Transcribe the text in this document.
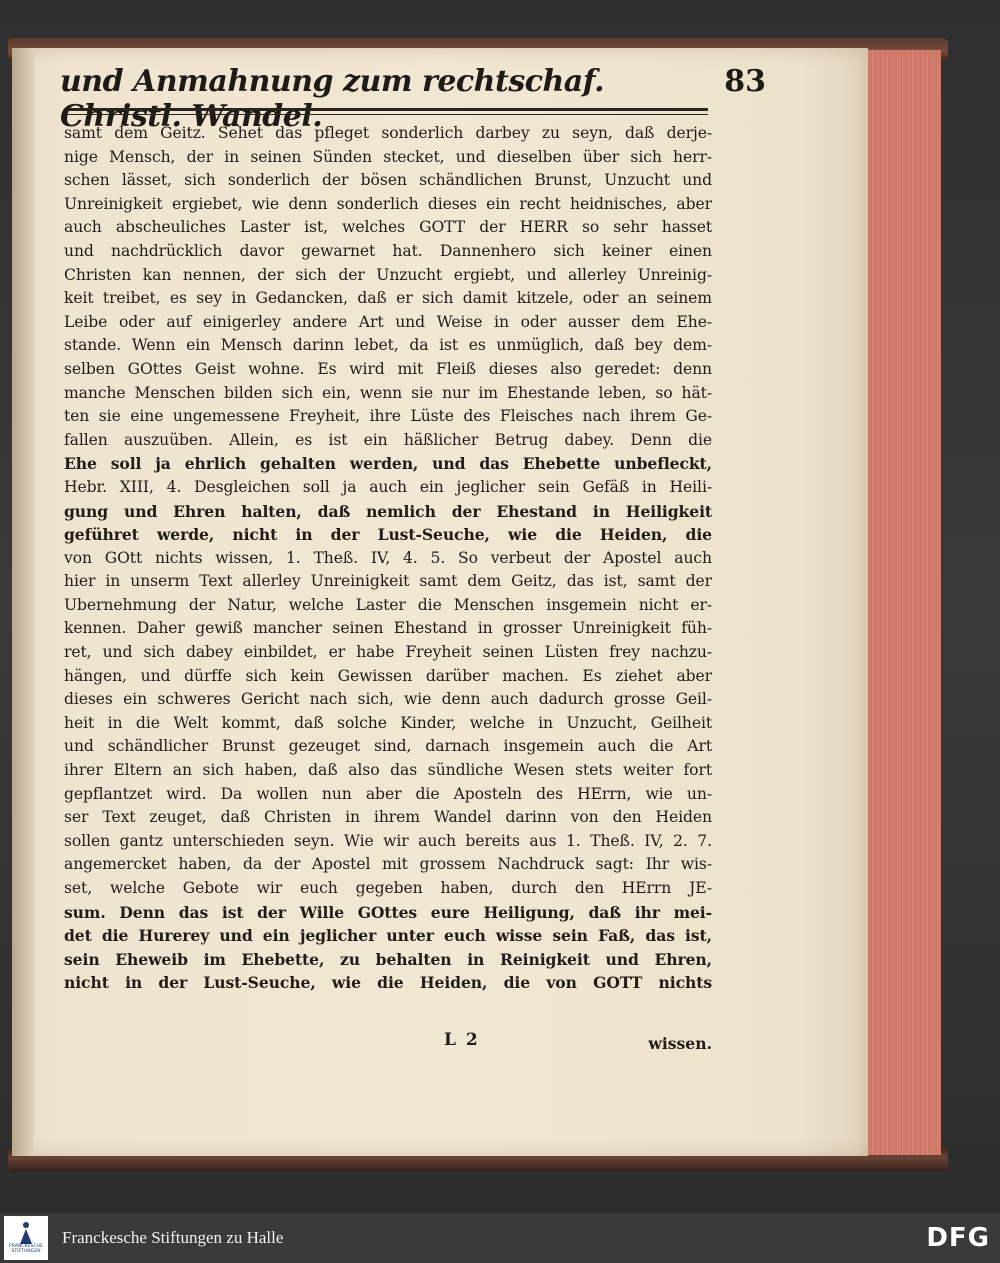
und Anmahnung zum rechtschaf. Christl. Wandel.
83
samt dem Geitz. Sehet das pfleget sonderlich darbey zu seyn, daß derje-
nige Mensch, der in seinen Sünden stecket, und dieselben über sich herr-
schen lässet, sich sonderlich der bösen schändlichen Brunst, Unzucht und
Unreinigkeit ergiebet, wie denn sonderlich dieses ein recht heidnisches, aber
auch abscheuliches Laster ist, welches GOTT der HERR so sehr hasset
und nachdrücklich davor gewarnet hat. Dannenhero sich keiner einen
Christen kan nennen, der sich der Unzucht ergiebt, und allerley Unreinig-
keit treibet, es sey in Gedancken, daß er sich damit kitzele, oder an seinem
Leibe oder auf einigerley andere Art und Weise in oder ausser dem Ehe-
stande. Wenn ein Mensch darinn lebet, da ist es unmüglich, daß bey dem-
selben GOttes Geist wohne. Es wird mit Fleiß dieses also geredet: denn
manche Menschen bilden sich ein, wenn sie nur im Ehestande leben, so hät-
ten sie eine ungemessene Freyheit, ihre Lüste des Fleisches nach ihrem Ge-
fallen auszuüben. Allein, es ist ein häßlicher Betrug dabey. Denn die
Ehe soll ja ehrlich gehalten werden, und das Ehebette unbefleckt,
Hebr. XIII, 4. Desgleichen soll ja auch ein jeglicher sein Gefäß in Heili-
gung und Ehren halten, daß nemlich der Ehestand in Heiligkeit
geführet werde, nicht in der Lust-Seuche, wie die Heiden, die
von GOtt nichts wissen, 1. Theß. IV, 4. 5. So verbeut der Apostel auch
hier in unserm Text allerley Unreinigkeit samt dem Geitz, das ist, samt der
Ubernehmung der Natur, welche Laster die Menschen insgemein nicht er-
kennen. Daher gewiß mancher seinen Ehestand in grosser Unreinigkeit füh-
ret, und sich dabey einbildet, er habe Freyheit seinen Lüsten frey nachzu-
hängen, und dürffe sich kein Gewissen darüber machen. Es ziehet aber
dieses ein schweres Gericht nach sich, wie denn auch dadurch grosse Geil-
heit in die Welt kommt, daß solche Kinder, welche in Unzucht, Geilheit
und schändlicher Brunst gezeuget sind, darnach insgemein auch die Art
ihrer Eltern an sich haben, daß also das sündliche Wesen stets weiter fort
gepflantzet wird. Da wollen nun aber die Aposteln des HErrn, wie un-
ser Text zeuget, daß Christen in ihrem Wandel darinn von den Heiden
sollen gantz unterschieden seyn. Wie wir auch bereits aus 1. Theß. IV, 2. 7.
angemercket haben, da der Apostel mit grossem Nachdruck sagt: Ihr wis-
set, welche Gebote wir euch gegeben haben, durch den HErrn JE-
sum. Denn das ist der Wille GOttes eure Heiligung, daß ihr mei-
det die Hurerey und ein jeglicher unter euch wisse sein Faß, das ist,
sein Eheweib im Ehebette, zu behalten in Reinigkeit und Ehren,
nicht in der Lust-Seuche, wie die Heiden, die von GOTT nichts
L 2	wissen.
FRANCKESCHE STIFTUNGEN
Franckesche Stiftungen zu Halle	DFG
